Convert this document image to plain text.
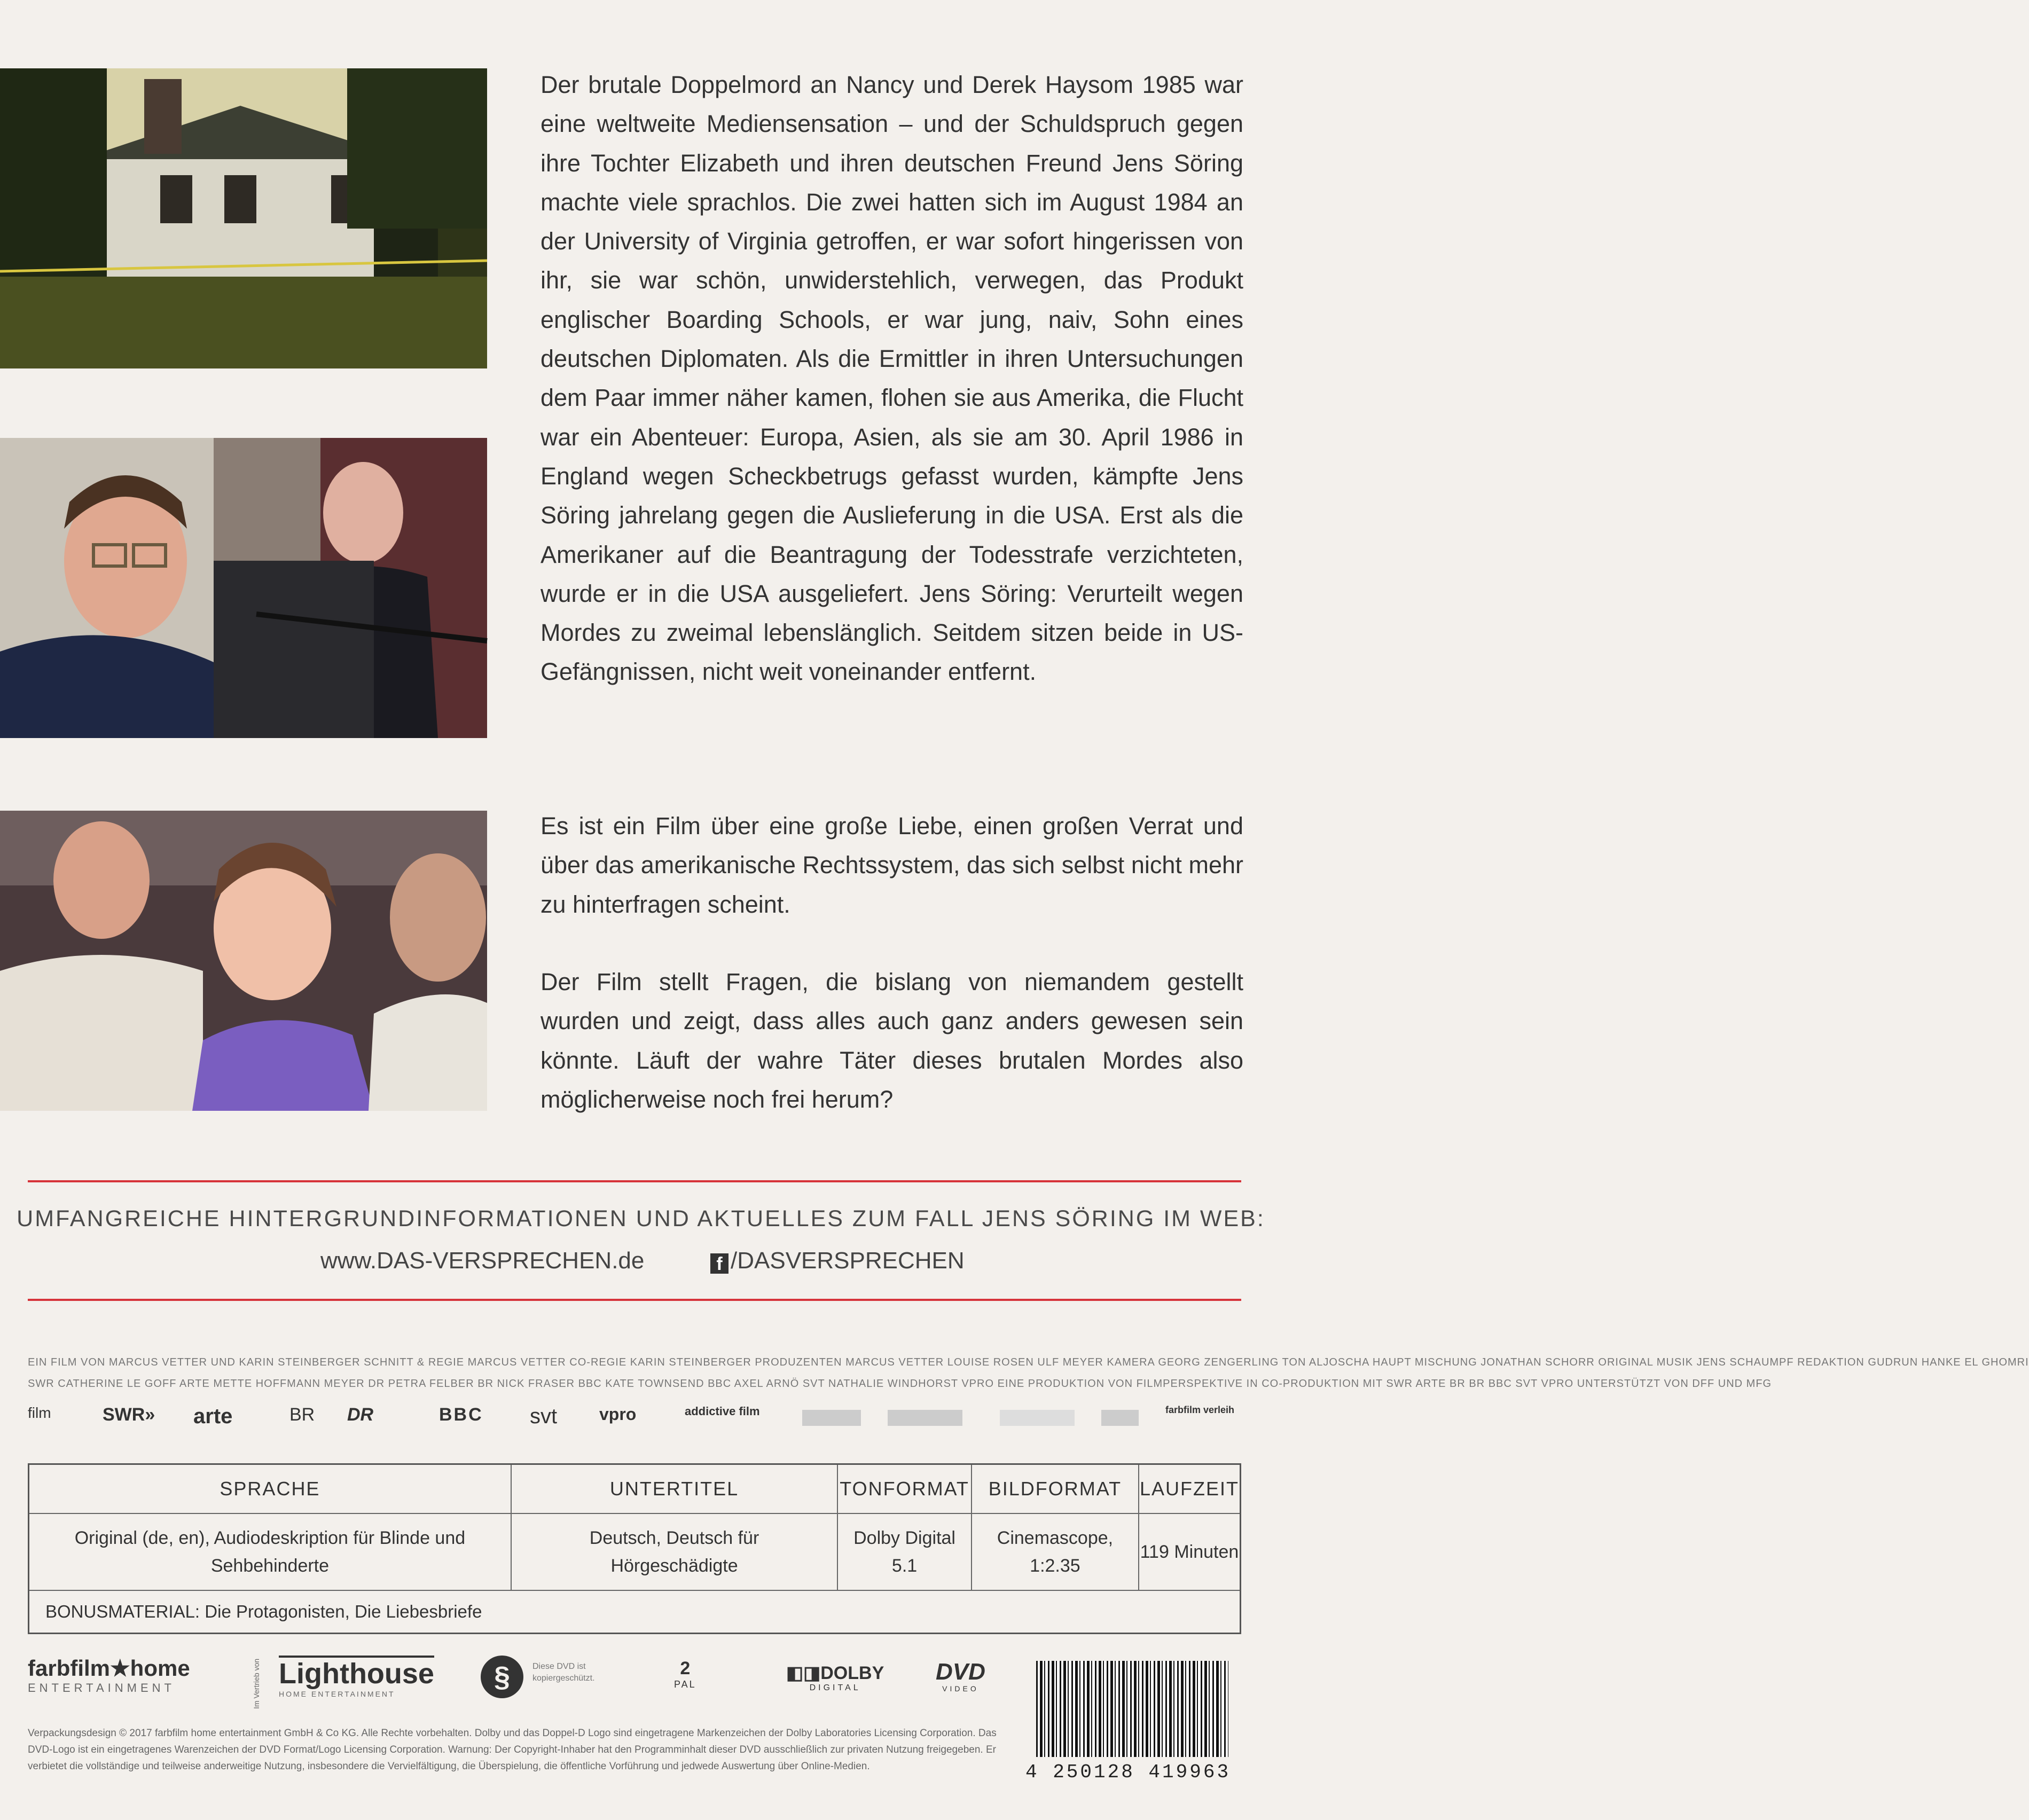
Der brutale Doppelmord an Nancy und Derek Haysom 1985 war eine weltweite Mediensensation – und der Schuldspruch gegen ihre Tochter Elizabeth und ihren deutschen Freund Jens Söring machte viele sprachlos. Die zwei hatten sich im August 1984 an der University of Virginia getroffen, er war sofort hingerissen von ihr, sie war schön, unwiderstehlich, verwegen, das Produkt englischer Boarding Schools, er war jung, naiv, Sohn eines deutschen Diplomaten. Als die Ermittler in ihren Untersuchungen dem Paar immer näher kamen, flohen sie aus Amerika, die Flucht war ein Abenteuer: Europa, Asien, als sie am 30. April 1986 in England wegen Scheckbetrugs gefasst wurden, kämpfte Jens Söring jahrelang gegen die Auslieferung in die USA. Erst als die Amerikaner auf die Beantragung der Todesstrafe verzichteten, wurde er in die USA ausgeliefert. Jens Söring: Verurteilt wegen Mordes zu zweimal lebenslänglich. Seitdem sitzen beide in US-Gefängnissen, nicht weit voneinander entfernt.

Es ist ein Film über eine große Liebe, einen großen Verrat und über das amerikanische Rechtssystem, das sich selbst nicht mehr zu hinterfragen scheint.

Der Film stellt Fragen, die bislang von niemandem gestellt wurden und zeigt, dass alles auch ganz anders gewesen sein könnte. Läuft der wahre Täter dieses brutalen Mordes also möglicherweise noch frei herum?

UMFANGREICHE HINTERGRUNDINFORMATIONEN UND AKTUELLES ZUM FALL JENS SÖRING IM WEB:
www.DAS-VERSPRECHEN.de	f /DASVERSPRECHEN
EIN FILM VON MARCUS VETTER UND KARIN STEINBERGER SCHNITT & REGIE MARCUS VETTER CO-REGIE KARIN STEINBERGER PRODUZENTEN MARCUS VETTER LOUISE ROSEN ULF MEYER KAMERA GEORG ZENGERLING TON ALJOSCHA HAUPT MISCHUNG JONATHAN SCHORR ORIGINAL MUSIK JENS SCHAUMPF REDAKTION GUDRUN HANKE EL GHOMRI
SWR CATHERINE LE GOFF ARTE METTE HOFFMANN MEYER DR PETRA FELBER BR NICK FRASER BBC KATE TOWNSEND BBC AXEL ARNÖ SVT NATHALIE WINDHORST VPRO EINE PRODUKTION VON FILMPERSPEKTIVE IN CO-PRODUKTION MIT SWR ARTE BR BR BBC SVT VPRO UNTERSTÜTZT VON DFF UND MFG
film	SWR» arte	BR DR	BBC svt vpro	addictive film	farbfilm verleih
SPRACHE	UNTERTITEL	TONFORMAT	BILDFORMAT	LAUFZEIT
Original (de, en), Audiodeskription für Blinde und Sehbehinderte	Deutsch, Deutsch für Hörgeschädigte	Dolby Digital 5.1	Cinemascope, 1:2.35	119 Minuten
BONUSMATERIAL: Die Protagonisten, Die Liebesbriefe				
farbfilm★home
ENTERTAINMENT	Im Vertrieb von Lighthouse
HOME ENTERTAINMENT
§	Diese DVD ist kopiergeschützt.	2
PAL
◧◨DOLBY
DIGITAL
DVD
VIDEO
Verpackungsdesign © 2017 farbfilm home entertainment GmbH & Co KG. Alle Rechte vorbehalten. Dolby und das Doppel-D Logo sind eingetragene Markenzeichen der Dolby Laboratories Licensing Corporation. Das DVD-Logo ist ein eingetragenes Warenzeichen der DVD Format/Logo Licensing Corporation. Warnung: Der Copyright-Inhaber hat den Programminhalt dieser DVD ausschließlich zur privaten Nutzung freigegeben. Er verbietet die vollständige und teilweise anderweitige Nutzung, insbesondere die Vervielfältigung, die Überspielung, die öffentliche Vorführung und jedwede Auswertung über Online-Medien.	4 250128 419963
